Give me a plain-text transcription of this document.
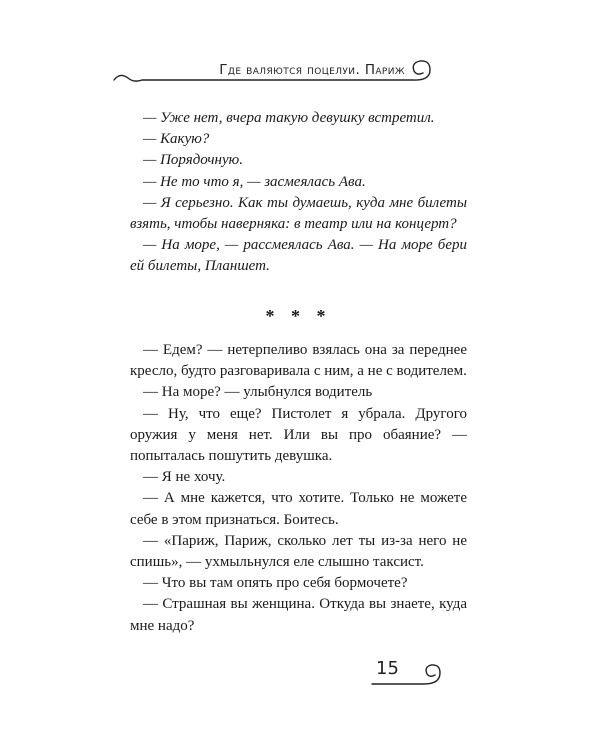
Где валяются поцелуи. Париж

— Уже нет, вчера такую девушку встретил.

— Какую?

— Порядочную.

— Не то что я, — засмеялась Ава.

— Я серьезно. Как ты думаешь, куда мне билеты взять, чтобы наверняка: в театр или на концерт?

— На море, — рассмеялась Ава. — На море бери ей билеты, Планшет.

* * *

— Едем? — нетерпеливо взялась она за переднее кресло, будто разговаривала с ним, а не с водителем.

— На море? — улыбнулся водитель

— Ну, что еще? Пистолет я убрала. Другого оружия у меня нет. Или вы про обаяние? — попыталась пошутить девушка.

— Я не хочу.

— А мне кажется, что хотите. Только не можете себе в этом признаться. Боитесь.

— «Париж, Париж, сколько лет ты из-за него не спишь», — ухмыльнулся еле слышно таксист.

— Что вы там опять про себя бормочете?

— Страшная вы женщина. Откуда вы знаете, куда мне надо?

15
